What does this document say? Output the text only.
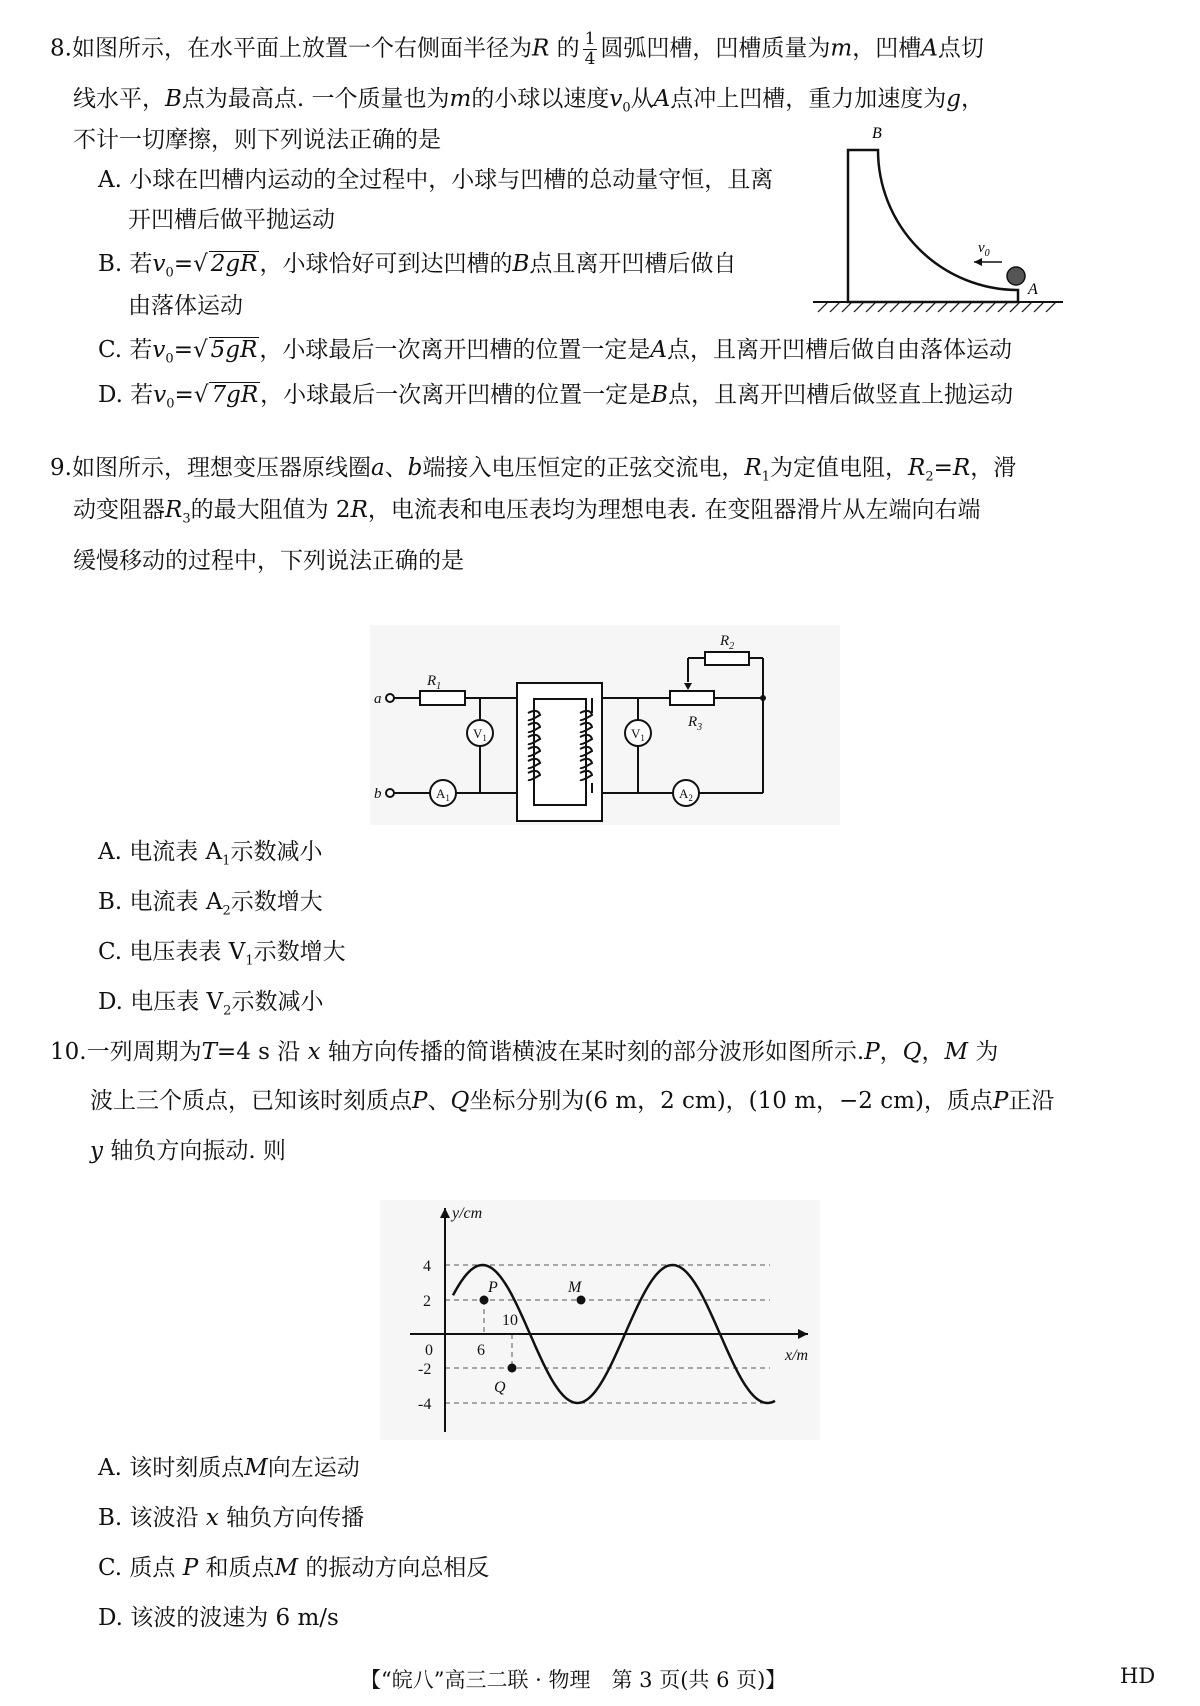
8.如图所示，在水平面上放置一个右侧面半径为R 的 $\frac{1}{4}$ 圆弧凹槽，凹槽质量为m，凹槽A点切
线水平，B点为最高点. 一个质量也为m的小球以速度$v_0$从A点冲上凹槽，重力加速度为g，
不计一切摩擦，则下列说法正确的是
A. 小球在凹槽内运动的全过程中，小球与凹槽的总动量守恒，且离
开凹槽后做平抛运动
B. 若$v_0=√$ 2gR，小球恰好可到达凹槽的B点且离开凹槽后做自
由落体运动
C. 若$v_0=√$ 5gR，小球最后一次离开凹槽的位置一定是A点，且离开凹槽后做自由落体运动
D. 若$v_0=√$ 7gR，小球最后一次离开凹槽的位置一定是B点，且离开凹槽后做竖直上抛运动
$v_0$
B
A
9.如图所示，理想变压器原线圈a、b端接入电压恒定的正弦交流电，$R_1$为定值电阻，$R_2=R$，滑
动变阻器$R_3$的最大阻值为 2R，电流表和电压表均为理想电表. 在变阻器滑片从左端向右端
缓慢移动的过程中，下列说法正确的是
a
b
$R_1$
$R_2$
$R_3$
$V_1$	$V_1$
$A_1$	$A_2$
A. 电流表 $A_1$示数减小
B. 电流表 $A_2$示数增大
C. 电压表表 $V_1$示数增大
D. 电压表 $V_2$示数减小
10.一列周期为T=4 s 沿 x 轴方向传播的简谐横波在某时刻的部分波形如图所示.P，Q，M 为
波上三个质点，已知该时刻质点P、Q坐标分别为(6 m，2 cm)，(10 m，−2 cm)，质点P正沿
y 轴负方向振动. 则
y/cm
x/m
4
2
0
-2
-4
6
10
P
Q
M
A. 该时刻质点M向左运动
B. 该波沿 x 轴负方向传播
C. 质点 P 和质点M 的振动方向总相反
D. 该波的波速为 6 m/s
【“皖八”高三二联 · 物理　第 3 页(共 6 页)】	HD
